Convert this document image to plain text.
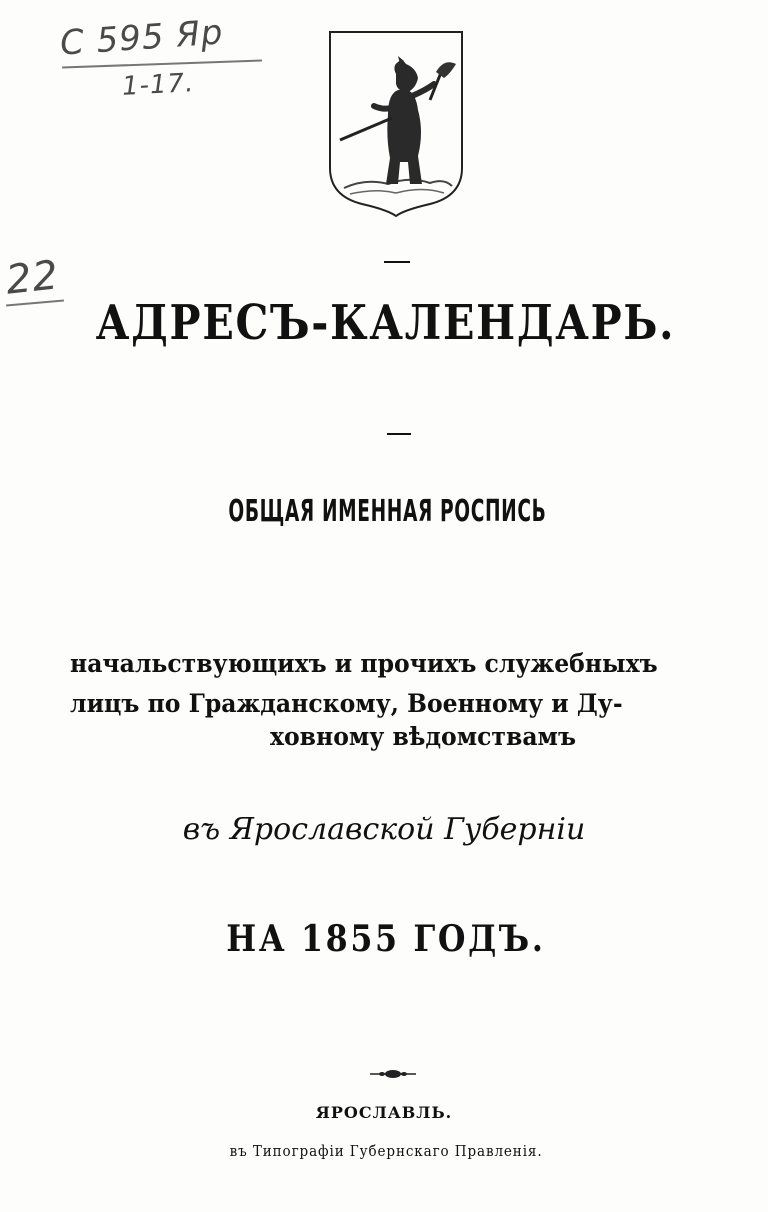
С 595 Яр
1-17.
22
АДРЕСЪ-КАЛЕНДАРЬ.
ОБЩАЯ ИМЕННАЯ РОСПИСЬ
начальствующихъ и прочихъ служебныхъ
лицъ по Гражданскому, Военному и Ду-
ховному вѣдомствамъ
въ Ярославской Губерніи
НА 1855 ГОДЪ.
ЯРОСЛАВЛЬ.
въ Типографіи Губернскаго Правленія.
